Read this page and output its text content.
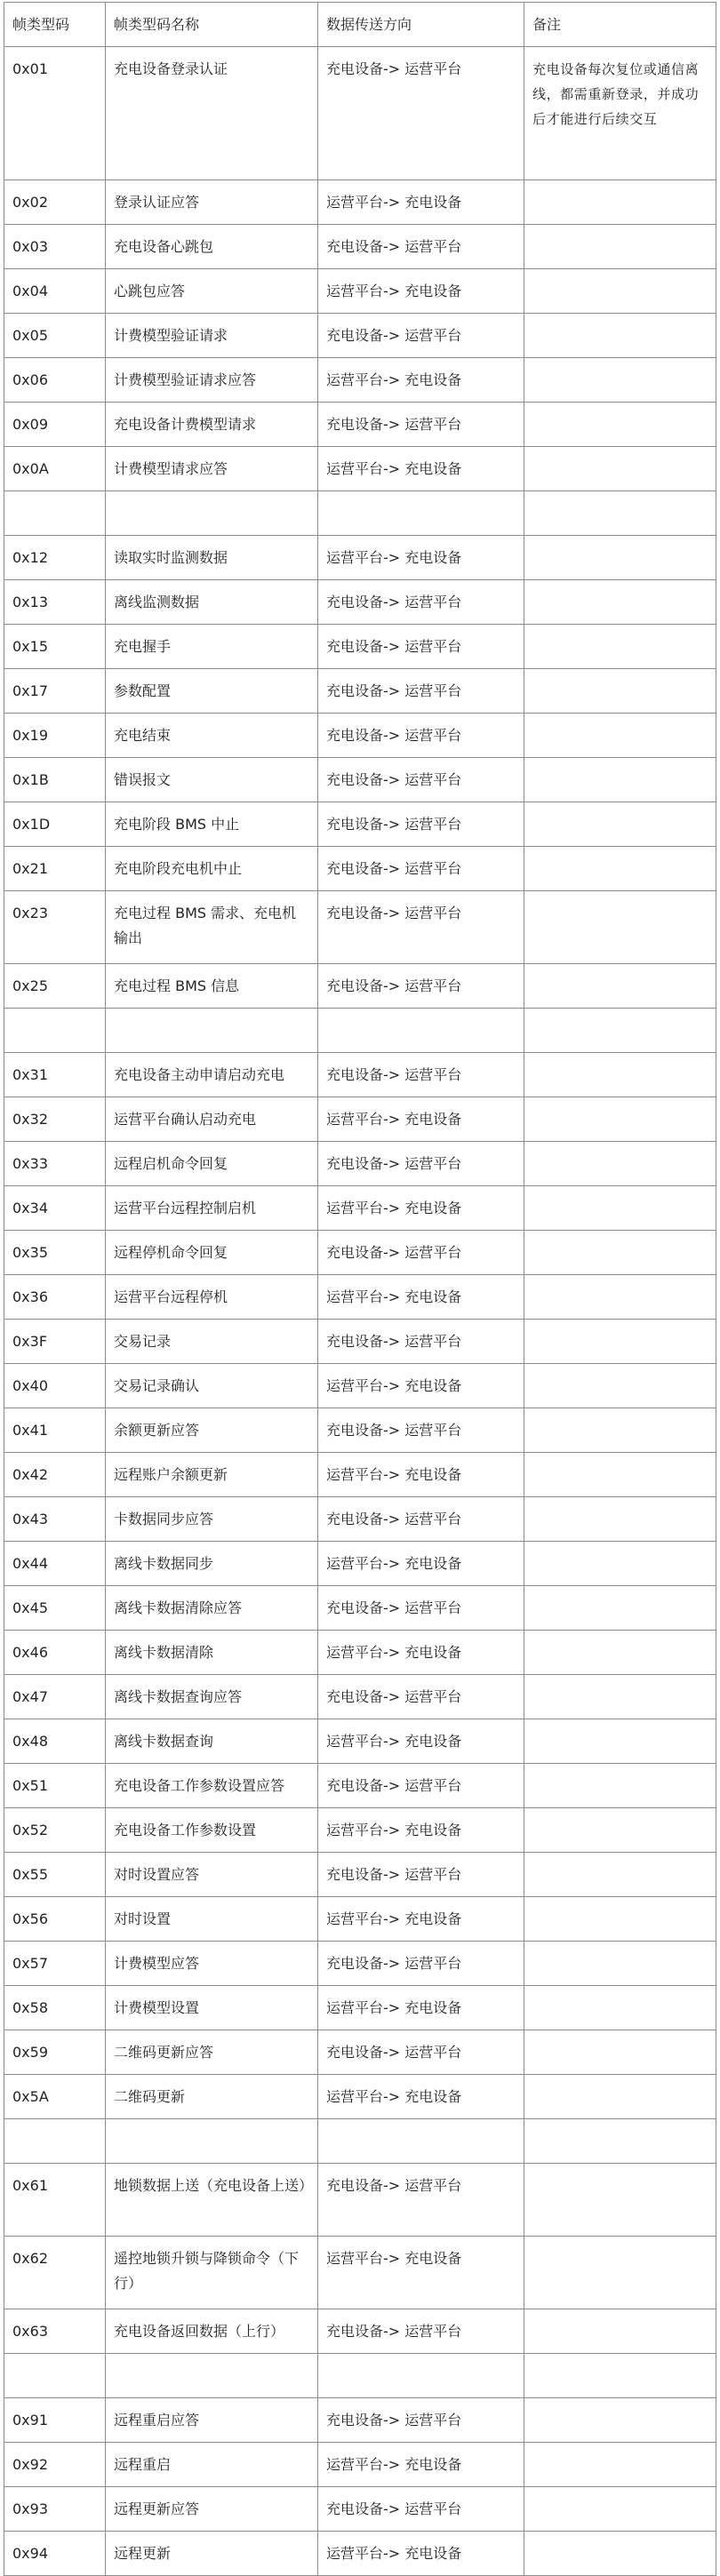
帧类型码	帧类型码名称	数据传送方向	备注
0x01	充电设备登录认证	充电设备-> 运营平台	充电设备每次复位或通信离线，都需重新登录，并成功后才能进行后续交互
0x02	登录认证应答	运营平台-> 充电设备	
0x03	充电设备心跳包	充电设备-> 运营平台	
0x04	心跳包应答	运营平台-> 充电设备	
0x05	计费模型验证请求	充电设备-> 运营平台	
0x06	计费模型验证请求应答	运营平台-> 充电设备	
0x09	充电设备计费模型请求	充电设备-> 运营平台	
0x0A	计费模型请求应答	运营平台-> 充电设备	

0x12	读取实时监测数据	运营平台-> 充电设备	
0x13	离线监测数据	充电设备-> 运营平台	
0x15	充电握手	充电设备-> 运营平台	
0x17	参数配置	充电设备-> 运营平台	
0x19	充电结束	充电设备-> 运营平台	
0x1B	错误报文	充电设备-> 运营平台	
0x1D	充电阶段 BMS 中止	充电设备-> 运营平台	
0x21	充电阶段充电机中止	充电设备-> 运营平台	
0x23	充电过程 BMS 需求、充电机输出	充电设备-> 运营平台	
0x25	充电过程 BMS 信息	充电设备-> 运营平台	

0x31	充电设备主动申请启动充电	充电设备-> 运营平台	
0x32	运营平台确认启动充电	运营平台-> 充电设备	
0x33	远程启机命令回复	充电设备-> 运营平台	
0x34	运营平台远程控制启机	运营平台-> 充电设备	
0x35	远程停机命令回复	充电设备-> 运营平台	
0x36	运营平台远程停机	运营平台-> 充电设备	
0x3F	交易记录	充电设备-> 运营平台	
0x40	交易记录确认	运营平台-> 充电设备	
0x41	余额更新应答	充电设备-> 运营平台	
0x42	远程账户余额更新	运营平台-> 充电设备	
0x43	卡数据同步应答	充电设备-> 运营平台	
0x44	离线卡数据同步	运营平台-> 充电设备	
0x45	离线卡数据清除应答	充电设备-> 运营平台	
0x46	离线卡数据清除	运营平台-> 充电设备	
0x47	离线卡数据查询应答	充电设备-> 运营平台	
0x48	离线卡数据查询	运营平台-> 充电设备	
0x51	充电设备工作参数设置应答	充电设备-> 运营平台	
0x52	充电设备工作参数设置	运营平台-> 充电设备	
0x55	对时设置应答	充电设备-> 运营平台	
0x56	对时设置	运营平台-> 充电设备	
0x57	计费模型应答	充电设备-> 运营平台	
0x58	计费模型设置	运营平台-> 充电设备	
0x59	二维码更新应答	充电设备-> 运营平台	
0x5A	二维码更新	运营平台-> 充电设备	

0x61	地锁数据上送（充电设备上送）	充电设备-> 运营平台	
0x62	遥控地锁升锁与降锁命令（下行）	运营平台-> 充电设备	
0x63	充电设备返回数据（上行）	充电设备-> 运营平台	

0x91	远程重启应答	充电设备-> 运营平台	
0x92	远程重启	运营平台-> 充电设备	
0x93	远程更新应答	充电设备-> 运营平台	
0x94	远程更新	运营平台-> 充电设备	
